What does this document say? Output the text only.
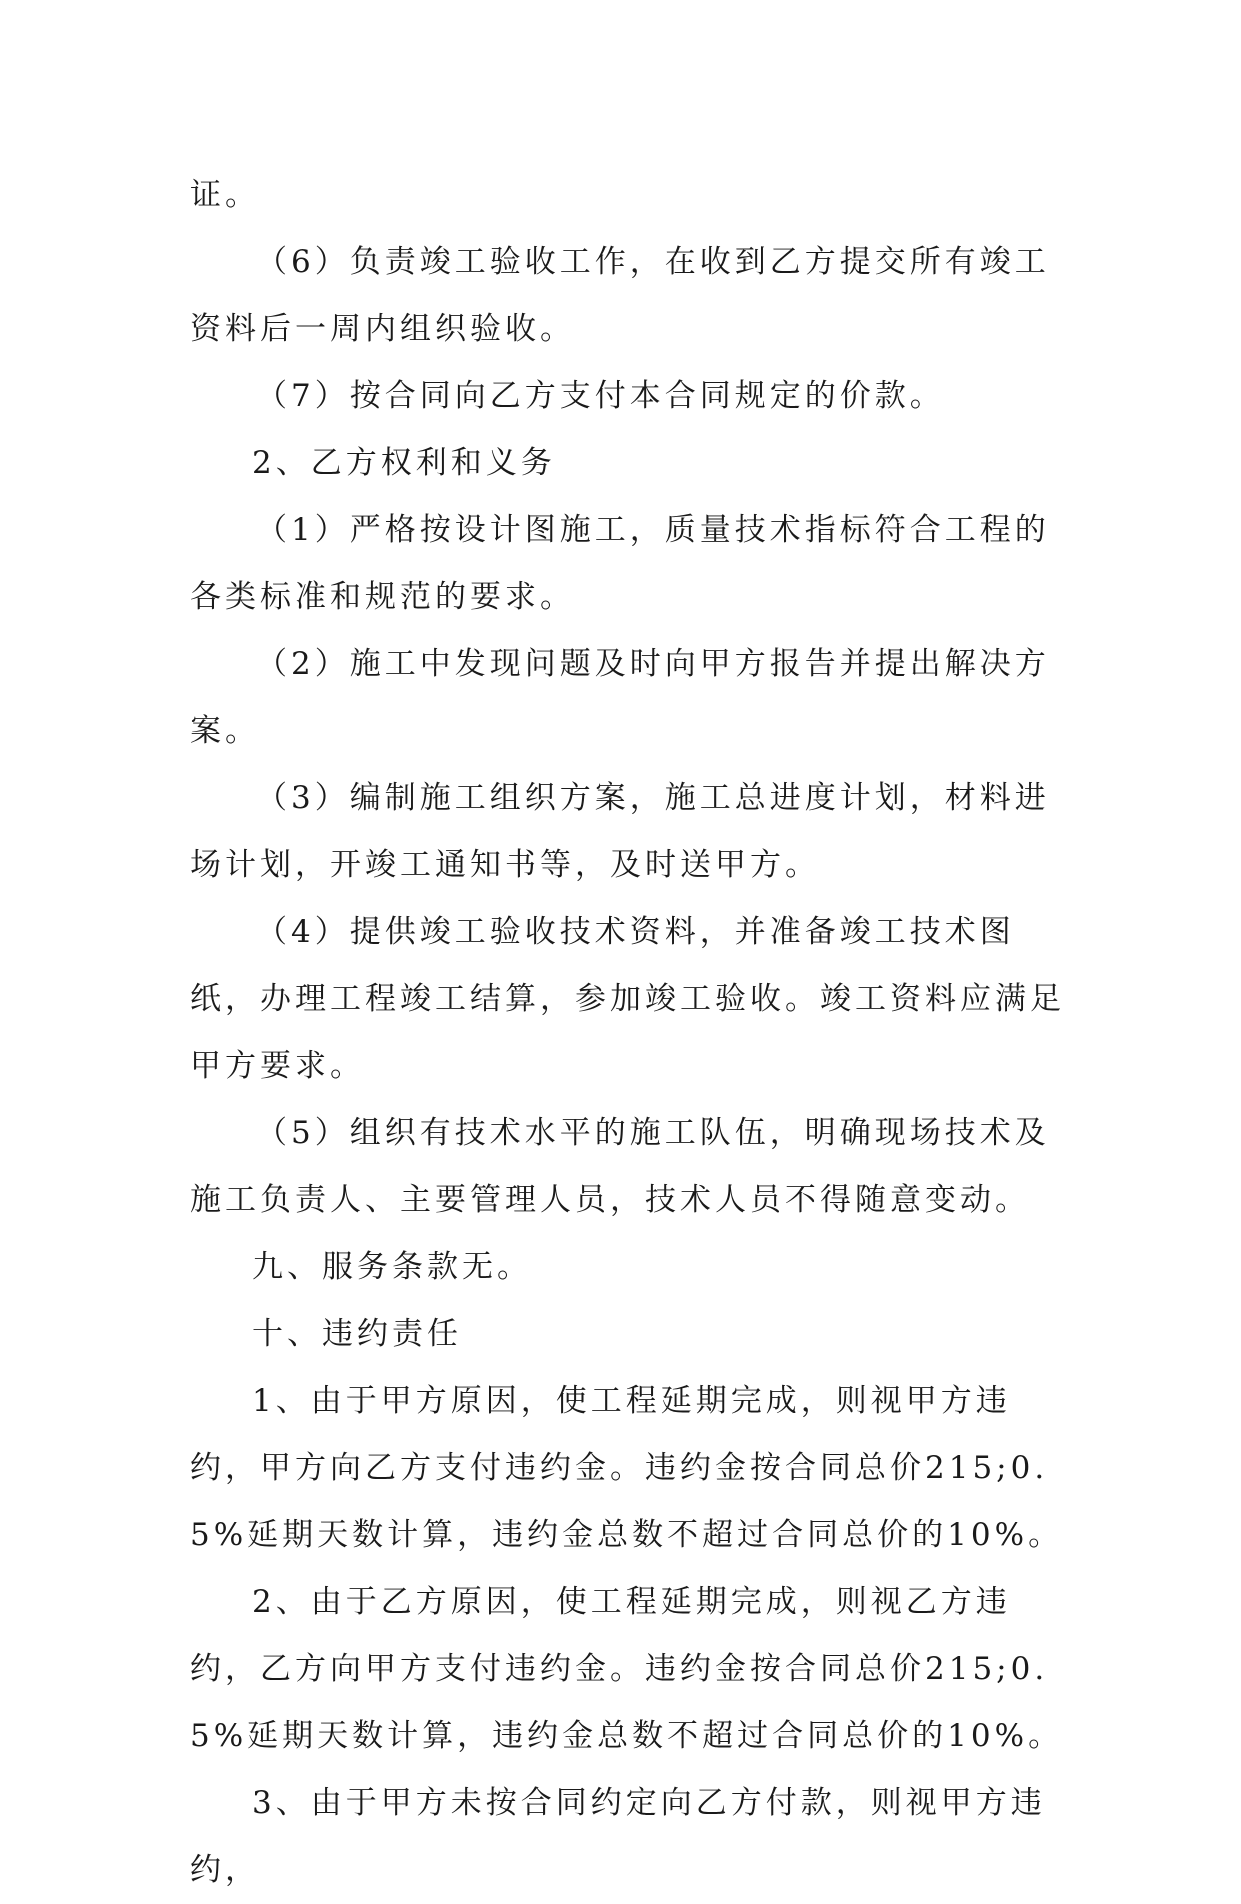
证。

（6）负责竣工验收工作，在收到乙方提交所有竣工资料后一周内组织验收。

（7）按合同向乙方支付本合同规定的价款。

2、乙方权利和义务

（1）严格按设计图施工，质量技术指标符合工程的各类标准和规范的要求。

（2）施工中发现问题及时向甲方报告并提出解决方案。

（3）编制施工组织方案，施工总进度计划，材料进场计划，开竣工通知书等，及时送甲方。

（4）提供竣工验收技术资料，并准备竣工技术图纸，办理工程竣工结算，参加竣工验收。竣工资料应满足甲方要求。

（5）组织有技术水平的施工队伍，明确现场技术及施工负责人、主要管理人员，技术人员不得随意变动。

九、服务条款无。

十、违约责任

1、由于甲方原因，使工程延期完成，则视甲方违约，甲方向乙方支付违约金。违约金按合同总价215;0.5%延期天数计算，违约金总数不超过合同总价的10%。

2、由于乙方原因，使工程延期完成，则视乙方违约，乙方向甲方支付违约金。违约金按合同总价215;0.5%延期天数计算，违约金总数不超过合同总价的10%。

3、由于甲方未按合同约定向乙方付款，则视甲方违约，
